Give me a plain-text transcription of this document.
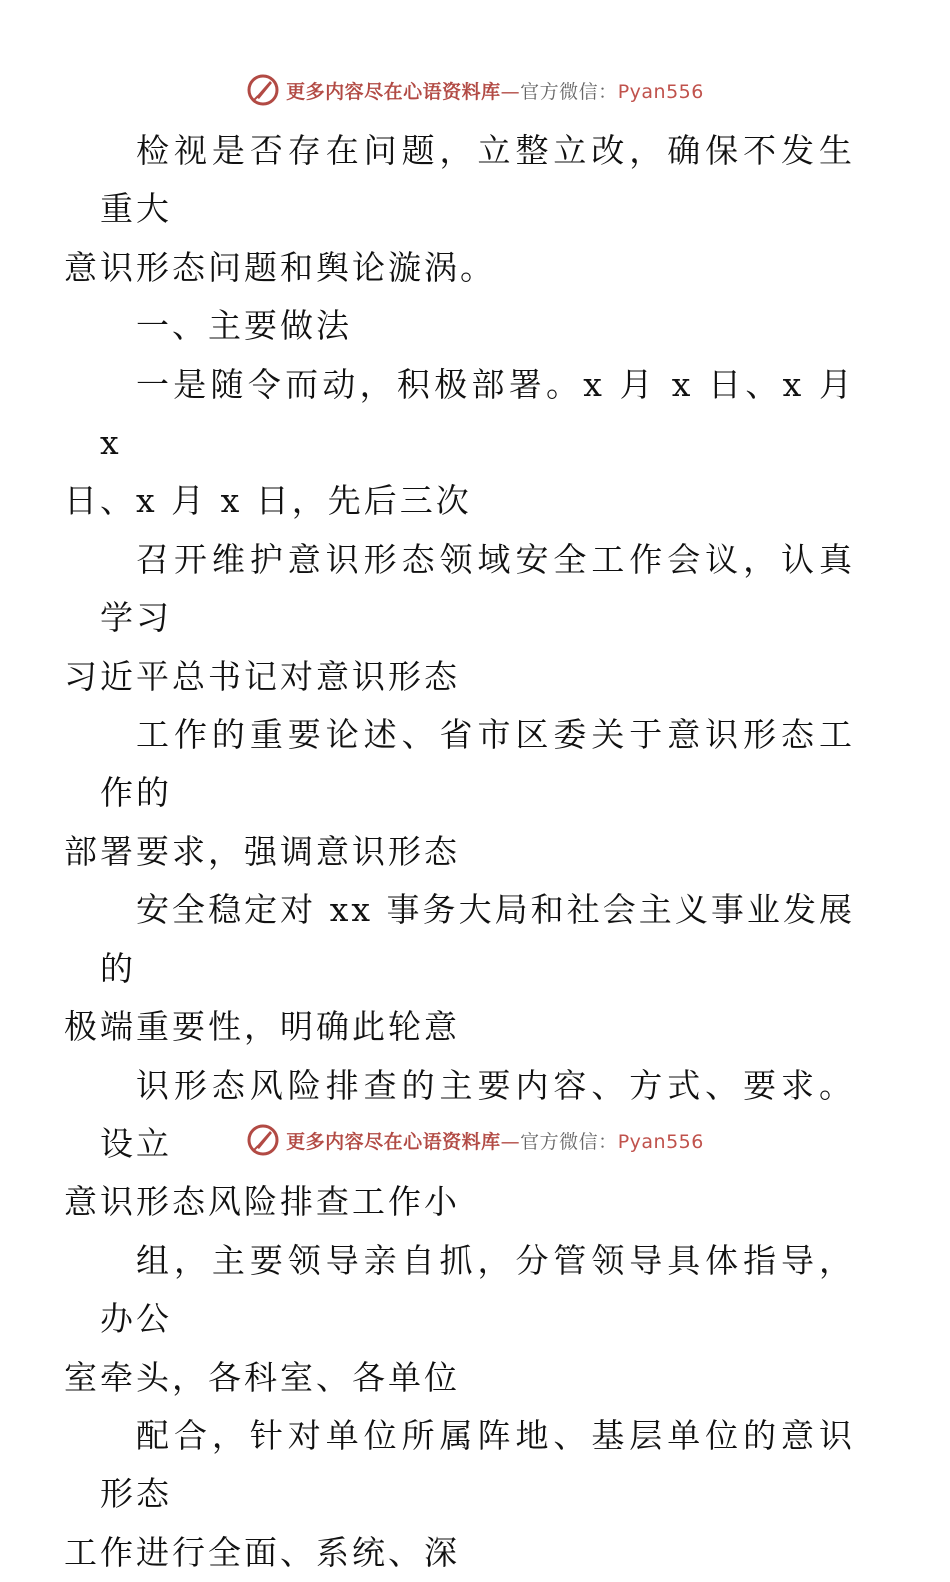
更多内容尽在心语资料库—官方微信：Pyan556

检视是否存在问题，立整立改，确保不发生重大
意识形态问题和舆论漩涡。

一、主要做法

一是随令而动，积极部署。x 月 x 日、x 月 x
日、x 月 x 日，先后三次

召开维护意识形态领域安全工作会议，认真学习
习近平总书记对意识形态

工作的重要论述、省市区委关于意识形态工作的
部署要求，强调意识形态

安全稳定对 xx 事务大局和社会主义事业发展的
极端重要性，明确此轮意

识形态风险排查的主要内容、方式、要求。设立
意识形态风险排查工作小

组，主要领导亲自抓，分管领导具体指导，办公
室牵头，各科室、各单位

配合，针对单位所属阵地、基层单位的意识形态
工作进行全面、系统、深

更多内容尽在心语资料库—官方微信：Pyan556
